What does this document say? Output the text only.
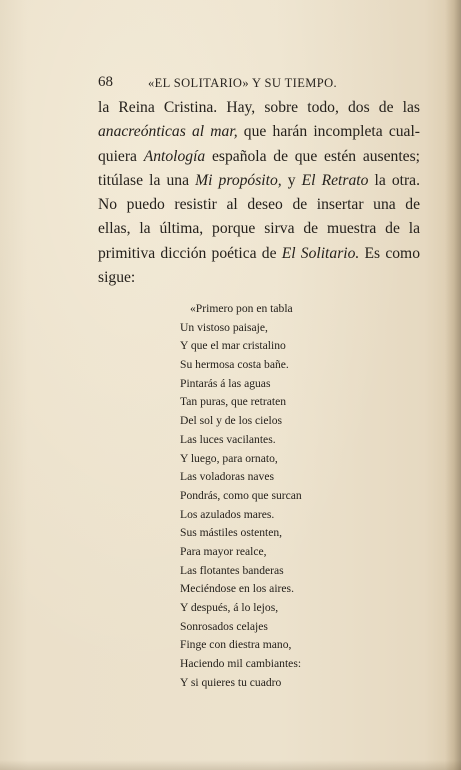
68	«EL SOLITARIO» Y SU TIEMPO.
la Reina Cristina. Hay, sobre todo, dos de las
anacreónticas al mar, que harán incompleta cual-
quiera Antología española de que estén ausentes;
titúlase la una Mi propósito, y El Retrato la otra.
No puedo resistir al deseo de insertar una de
ellas, la última, porque sirva de muestra de la
primitiva dicción poética de El Solitario. Es como
sigue:
«Primero pon en tabla
Un vistoso paisaje,
Y que el mar cristalino
Su hermosa costa bañe.
Pintarás á las aguas
Tan puras, que retraten
Del sol y de los cielos
Las luces vacilantes.
Y luego, para ornato,
Las voladoras naves
Pondrás, como que surcan
Los azulados mares.
Sus mástiles ostenten,
Para mayor realce,
Las flotantes banderas
Meciéndose en los aires.
Y después, á lo lejos,
Sonrosados celajes
Finge con diestra mano,
Haciendo mil cambiantes:
Y si quieres tu cuadro
